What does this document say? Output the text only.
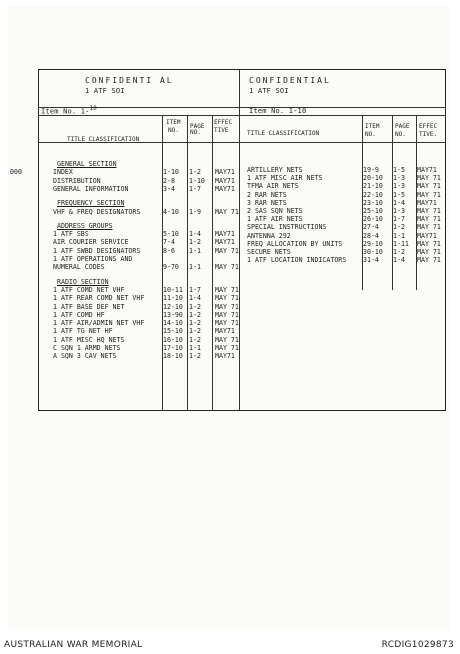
CONFIDENTI AL
1 ATF SOI
Item No. 1-$^{10}$
CONFIDENTIAL
1 ATF SOI
Item No. 1-10
TITLE CLASSIFICATION
ITEM
NO.
PAGE
NO.
EFFEC
TIVE	TITLE CLASSIFICATION
ITEM
NO.
PAGE
NO.
EFFEC
TIVE.
GENERAL SECTION
000	INDEX	1-10 1-2 MAY71
DISTRIBUTION	2-8 1-10 MAY71
GENERAL INFORMATION	3-4 1-7 MAY71
FREQUENCY SECTION
VHF & FREQ DESIGNATORS	4-10 1-9 MAY 71
ADDRESS GROUPS
1 ATF SBS	5-10 1-4 MAY71
AIR COURIER SERVICE	7-4 1-2 MAY71
1 ATF SWBD DESIGNATORS	8-6 1-1 MAY 71
1 ATF OPERATIONS AND
NUMERAL CODES	9-70 1-1 MAY 71
RADIO SECTION
1 ATF COMD NET VHF	10-11 1-7 MAY 71
1 ATF REAR COMD NET VHF	11-10 1-4 MAY 71
1 ATF BASE DEF NET	12-10 1-2 MAY 71
1 ATF COMD HF	13-90 1-2 MAY 71
1 ATF AIR/ADMIN NET VHF	14-10 1-2 MAY 71
1 ATF TG NET HF	15-10 1-2 MAY71
1 ATF MISC HQ NETS	16-10 1-2 MAY 71
C SQN 1 ARMD NETS	17-10 1-1 MAY 71
A SQN 3 CAV NETS	18-10 1-2 MAY71
ARTILLERY NETS	19-9 1-5 MAY71
1 ATF MISC AIR NETS	20-10 1-3 MAY 71
TFMA AIR NETS	21-10 1-3 MAY 71
2 RAR NETS	22-10 1-5 MAY 71
3 RAR NETS	23-10 1-4 MAY71
2 SAS SQN NETS	25-10 1-3 MAY 71
1 ATF AIR NETS	26-10 1-7 MAY 71
SPECIAL INSTRUCTIONS	27-4 1-2 MAY 71
ANTENNA 292	28-4 1-1 MAY71
FREQ ALLOCATION BY UNITS	29-10 1-11 MAY 71
SECURE NETS	30-10 1-2 MAY 71
1 ATF LOCATION INDICATORS	31-4 1-4 MAY 71
AUSTRALIAN WAR MEMORIAL	RCDIG1029873
